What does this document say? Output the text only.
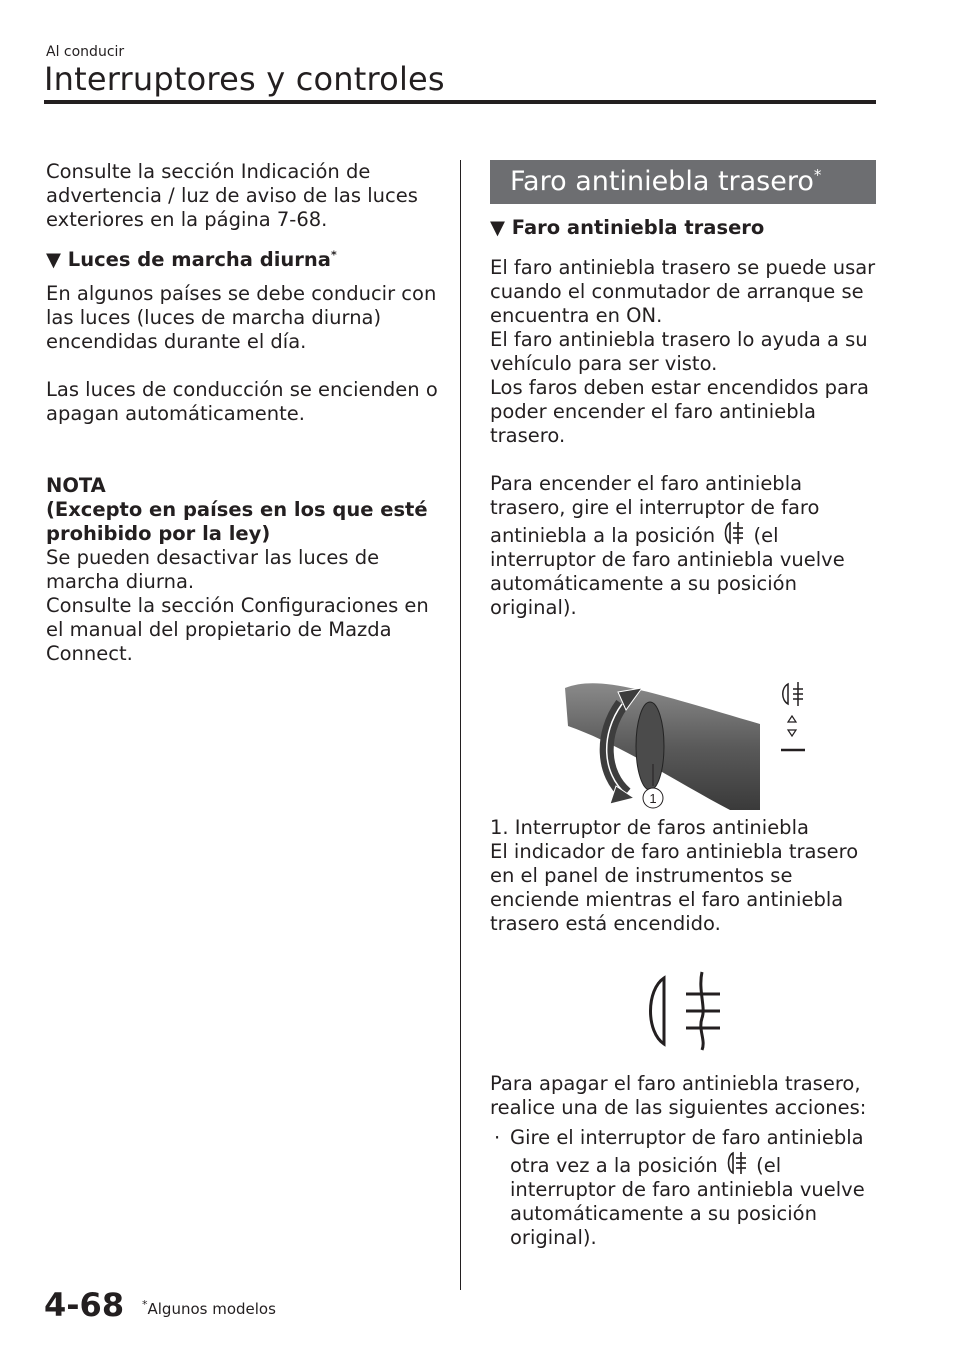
Al conducir
Interruptores y controles

Consulte la sección Indicación de advertencia / luz de aviso de las luces exteriores en la página 7-68.

▼ Luces de marcha diurna*

En algunos países se debe conducir con las luces (luces de marcha diurna) encendidas durante el día.

Las luces de conducción se encienden o apagan automáticamente.

NOTA

(Excepto en países en los que esté prohibido por la ley)

Se pueden desactivar las luces de marcha diurna.

Consulte la sección Configuraciones en el manual del propietario de Mazda Connect.

Faro antiniebla trasero*
▼ Faro antiniebla trasero

El faro antiniebla trasero se puede usar cuando el conmutador de arranque se encuentra en ON.

El faro antiniebla trasero lo ayuda a su vehículo para ser visto.

Los faros deben estar encendidos para poder encender el faro antiniebla trasero.

Para encender el faro antiniebla trasero, gire el interruptor de faro antiniebla a la posición (el interruptor de faro antiniebla vuelve automáticamente a su posición original).

1

1. Interruptor de faros antiniebla

El indicador de faro antiniebla trasero en el panel de instrumentos se enciende mientras el faro antiniebla trasero está encendido.

Para apagar el faro antiniebla trasero, realice una de las siguientes acciones:

· Gire el interruptor de faro antiniebla otra vez a la posición (el interruptor de faro antiniebla vuelve automáticamente a su posición original).

4-68 *Algunos modelos
